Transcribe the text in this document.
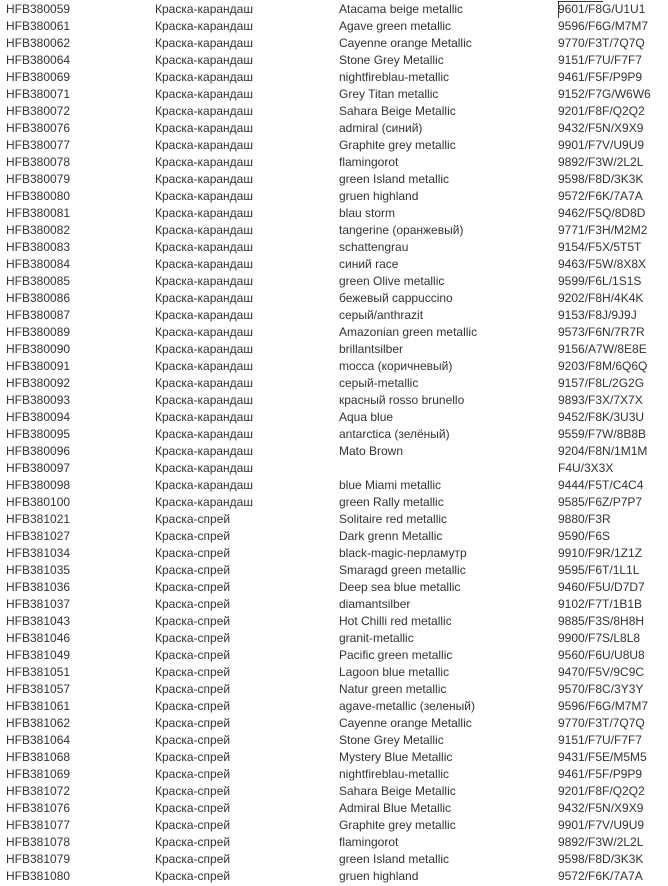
HFB380059	Краска-карандаш	Atacama beige metallic	9601/F8G/U1U1
HFB380061	Краска-карандаш	Agave green metallic	9596/F6G/M7M7
HFB380062	Краска-карандаш	Cayenne orange Metallic	9770/F3T/7Q7Q
HFB380064	Краска-карандаш	Stone Grey Metallic	9151/F7U/F7F7
HFB380069	Краска-карандаш	nightfireblau-metallic	9461/F5F/P9P9
HFB380071	Краска-карандаш	Grey Titan metallic	9152/F7G/W6W6
HFB380072	Краска-карандаш	Sahara Beige Metallic	9201/F8F/Q2Q2
HFB380076	Краска-карандаш	admiral (синий)	9432/F5N/X9X9
HFB380077	Краска-карандаш	Graphite grey metallic	9901/F7V/U9U9
HFB380078	Краска-карандаш	flamingorot	9892/F3W/2L2L
HFB380079	Краска-карандаш	green Island metallic	9598/F8D/3K3K
HFB380080	Краска-карандаш	gruen highland	9572/F6K/7A7A
HFB380081	Краска-карандаш	blau storm	9462/F5Q/8D8D
HFB380082	Краска-карандаш	tangerine (оранжевый)	9771/F3H/M2M2
HFB380083	Краска-карандаш	schattengrau	9154/F5X/5T5T
HFB380084	Краска-карандаш	синий race	9463/F5W/8X8X
HFB380085	Краска-карандаш	green Olive metallic	9599/F6L/1S1S
HFB380086	Краска-карандаш	бежевый cappuccino	9202/F8H/4K4K
HFB380087	Краска-карандаш	серый/anthrazit	9153/F8J/9J9J
HFB380089	Краска-карандаш	Amazonian green metallic	9573/F6N/7R7R
HFB380090	Краска-карандаш	brillantsilber	9156/A7W/8E8E
HFB380091	Краска-карандаш	mocca (коричневый)	9203/F8M/6Q6Q
HFB380092	Краска-карандаш	серый-metallic	9157/F8L/2G2G
HFB380093	Краска-карандаш	красный rosso brunello	9893/F3X/7X7X
HFB380094	Краска-карандаш	Aqua blue	9452/F8K/3U3U
HFB380095	Краска-карандаш	antarctica (зелёный)	9559/F7W/8B8B
HFB380096	Краска-карандаш	Mato Brown	9204/F8N/1M1M
HFB380097	Краска-карандаш		F4U/3X3X
HFB380098	Краска-карандаш	blue Miami metallic	9444/F5T/C4C4
HFB380100	Краска-карандаш	green Rally metallic	9585/F6Z/P7P7
HFB381021	Краска-спрей	Solitaire red metallic	9880/F3R
HFB381027	Краска-спрей	Dark grenn Metallic	9590/F6S
HFB381034	Краска-спрей	black-magic-перламутр	9910/F9R/1Z1Z
HFB381035	Краска-спрей	Smaragd green metallic	9595/F6T/1L1L
HFB381036	Краска-спрей	Deep sea blue metallic	9460/F5U/D7D7
HFB381037	Краска-спрей	diamantsilber	9102/F7T/1B1B
HFB381043	Краска-спрей	Hot Chilli red metallic	9885/F3S/8H8H
HFB381046	Краска-спрей	granit-metallic	9900/F7S/L8L8
HFB381049	Краска-спрей	Pacific green metallic	9560/F6U/U8U8
HFB381051	Краска-спрей	Lagoon blue metallic	9470/F5V/9C9C
HFB381057	Краска-спрей	Natur green metallic	9570/F8C/3Y3Y
HFB381061	Краска-спрей	agave-metallic (зеленый)	9596/F6G/M7M7
HFB381062	Краска-спрей	Cayenne orange Metallic	9770/F3T/7Q7Q
HFB381064	Краска-спрей	Stone Grey Metallic	9151/F7U/F7F7
HFB381068	Краска-спрей	Mystery Blue Metallic	9431/F5E/M5M5
HFB381069	Краска-спрей	nightfireblau-metallic	9461/F5F/P9P9
HFB381072	Краска-спрей	Sahara Beige Metallic	9201/F8F/Q2Q2
HFB381076	Краска-спрей	Admiral Blue Metallic	9432/F5N/X9X9
HFB381077	Краска-спрей	Graphite grey metallic	9901/F7V/U9U9
HFB381078	Краска-спрей	flamingorot	9892/F3W/2L2L
HFB381079	Краска-спрей	green Island metallic	9598/F8D/3K3K
HFB381080	Краска-спрей	gruen highland	9572/F6K/7A7A
